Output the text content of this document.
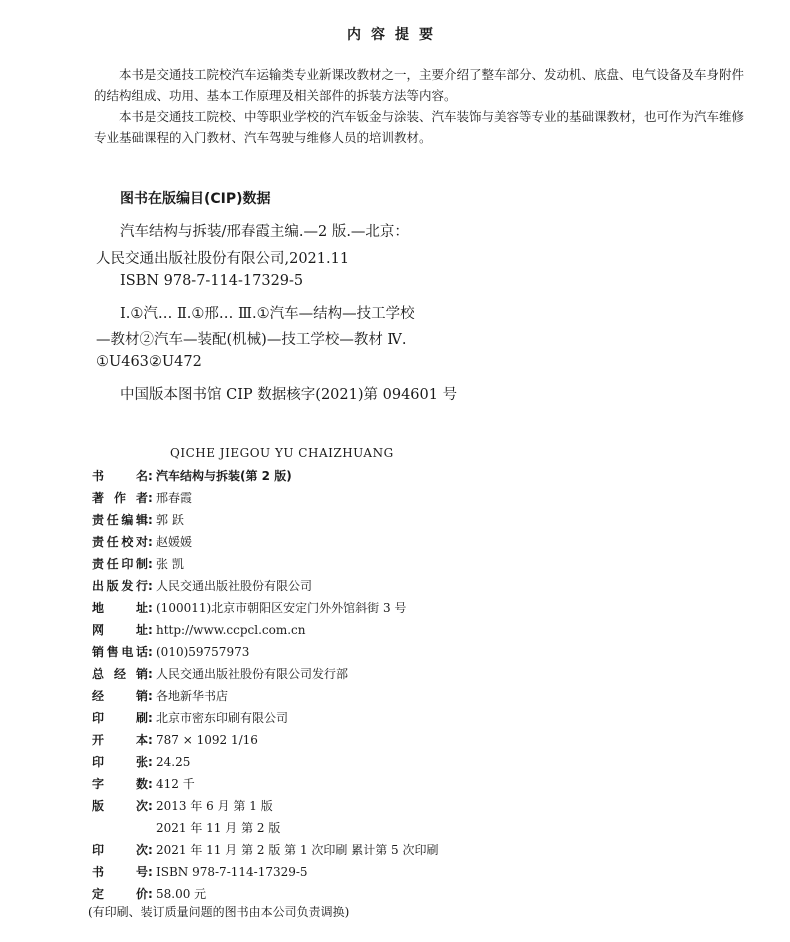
内容提要

本书是交通技工院校汽车运输类专业新课改教材之一，主要介绍了整车部分、发动机、底盘、电气设备及车身附件的结构组成、功用、基本工作原理及相关部件的拆装方法等内容。

本书是交通技工院校、中等职业学校的汽车钣金与涂装、汽车装饰与美容等专业的基础课教材，也可作为汽车维修专业基础课程的入门教材、汽车驾驶与维修人员的培训教材。

图书在版编目(CIP)数据
汽车结构与拆装/邢春霞主编.—2 版.—北京：
人民交通出版社股份有限公司,2021.11
ISBN 978-7-114-17329-5
Ⅰ.①汽… Ⅱ.①邢… Ⅲ.①汽车—结构—技工学校
—教材②汽车—装配(机械)—技工学校—教材 Ⅳ.
①U463②U472
中国版本图书馆 CIP 数据核字(2021)第 094601 号
QICHE JIEGOU YU CHAIZHUANG
书名 : 汽车结构与拆装(第 2 版)
著作者 : 邢春霞
责任编辑 : 郭 跃
责任校对 : 赵媛媛
责任印制 : 张 凯
出版发行 : 人民交通出版社股份有限公司
地址 : (100011)北京市朝阳区安定门外外馆斜街 3 号
网址 : http://www.ccpcl.com.cn
销售电话 : (010)59757973
总经销 : 人民交通出版社股份有限公司发行部
经销 : 各地新华书店
印刷 : 北京市密东印刷有限公司
开本 : 787 × 1092 1/16
印张 : 24.25
字数 : 412 千
版次 : 2013 年 6 月 第 1 版
2021 年 11 月 第 2 版
印次 : 2021 年 11 月 第 2 版 第 1 次印刷 累计第 5 次印刷
书号 : ISBN 978-7-114-17329-5
定价 : 58.00 元
(有印刷、装订质量问题的图书由本公司负责调换)
